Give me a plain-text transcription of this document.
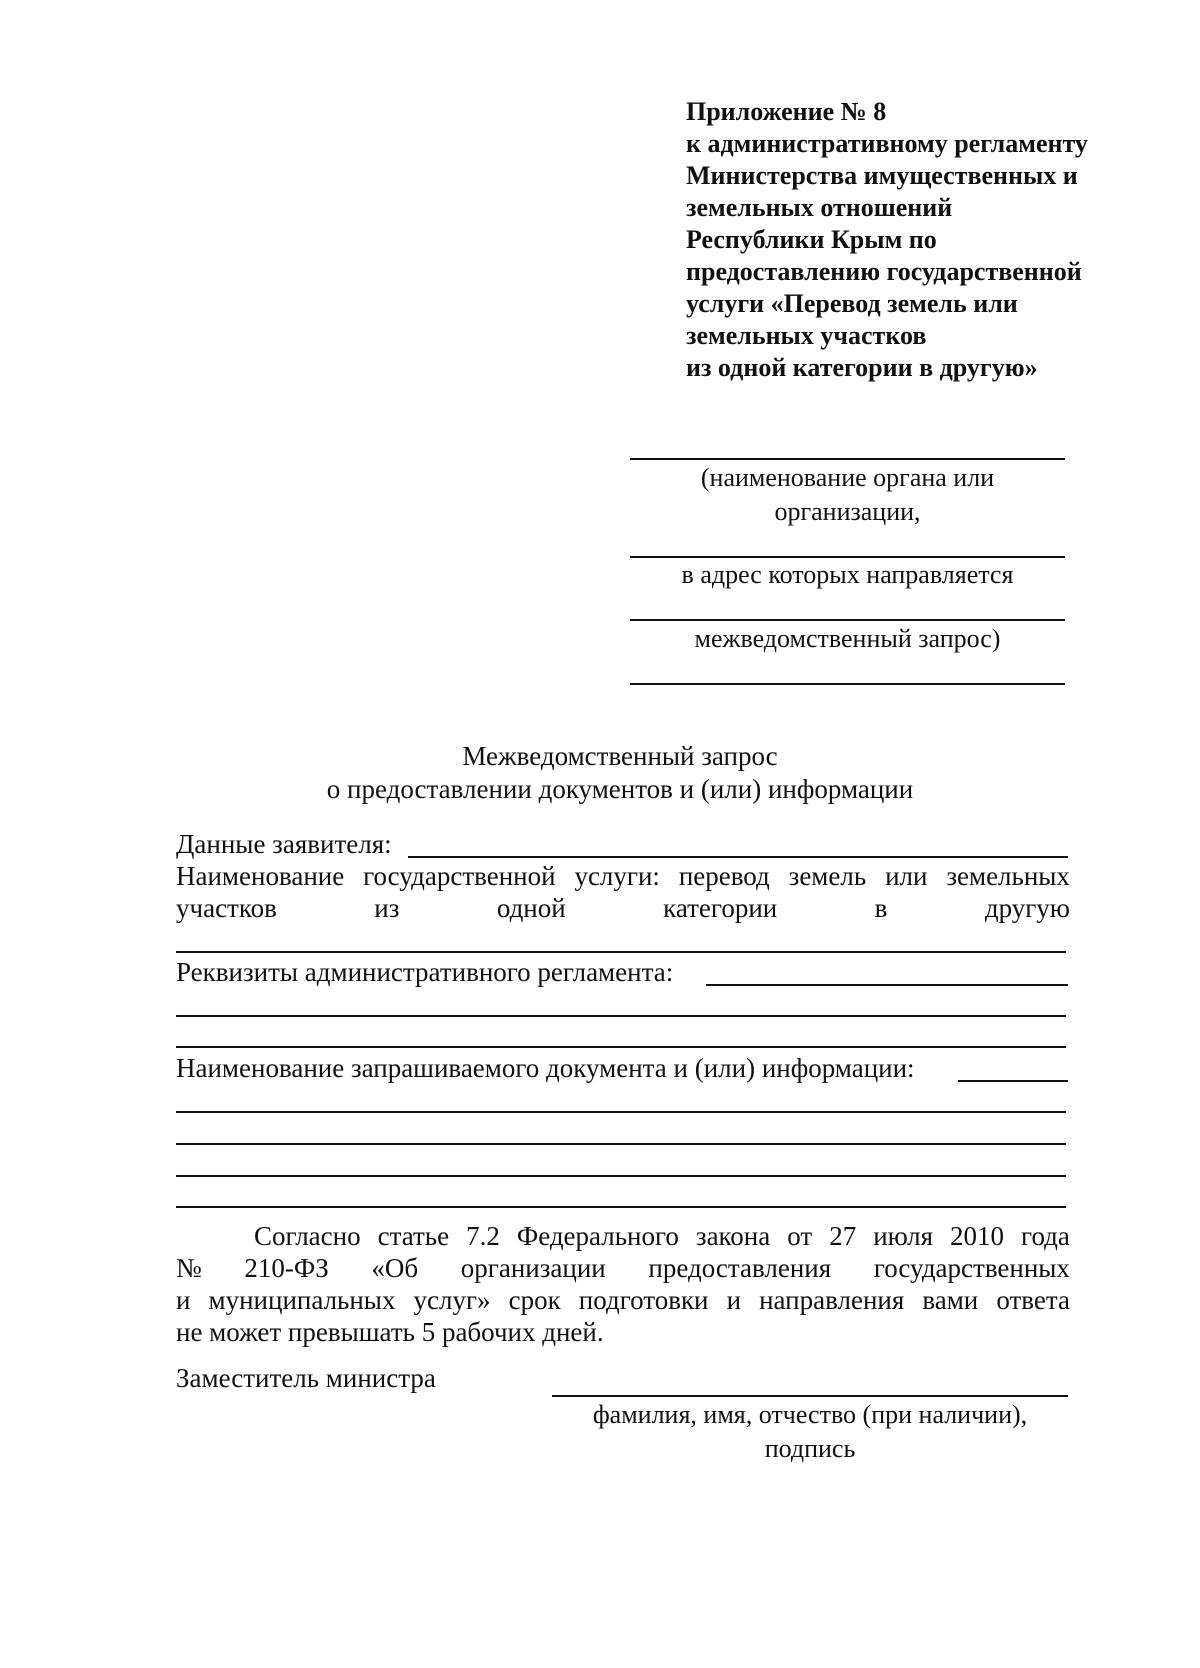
Приложение № 8
к административному регламенту
Министерства имущественных и
земельных отношений
Республики Крым по
предоставлению государственной
услуги «Перевод земель или
земельных участков
из одной категории в другую»
(наименование органа или
организации,
в адрес которых направляется
межведомственный запрос)
Межведомственный запрос
о предоставлении документов и (или) информации
Данные заявителя:
Наименование государственной услуги: перевод земель или земельных
участков	из	одной	категории	в	другую
Реквизиты административного регламента:
Наименование запрашиваемого документа и (или) информации:
Согласно статье 7.2 Федерального закона от 27 июля 2010 года
№ 210-ФЗ «Об организации предоставления государственных
и муниципальных услуг» срок подготовки и направления вами ответа
не может превышать 5 рабочих дней.
Заместитель министра
фамилия, имя, отчество (при наличии),
подпись
